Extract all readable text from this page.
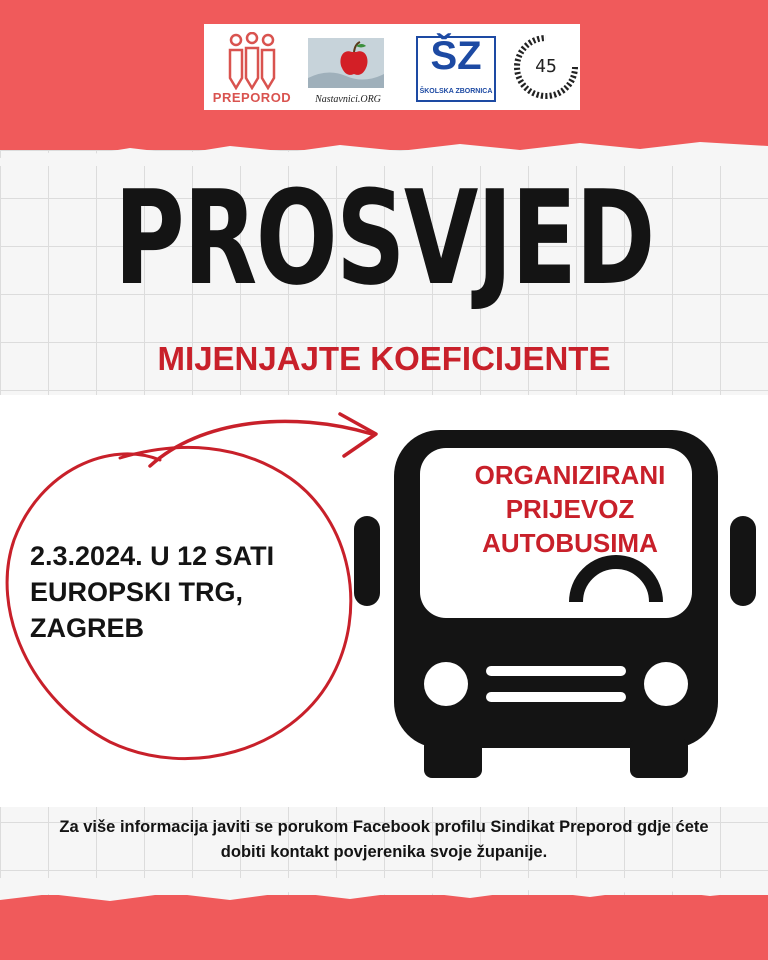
PREPOROD	Nastavnici.ORG
ŠZ
ŠKOLSKA ZBORNICA
45
PROSVJED
MIJENJAJTE KOEFICIJENTE
2.3.2024. U 12 SATI
EUROPSKI TRG,
ZAGREB
ORGANIZIRANI
PRIJEVOZ
AUTOBUSIMA
Za više informacija javiti se porukom Facebook profilu Sindikat Preporod gdje ćete dobiti kontakt povjerenika svoje županije.
